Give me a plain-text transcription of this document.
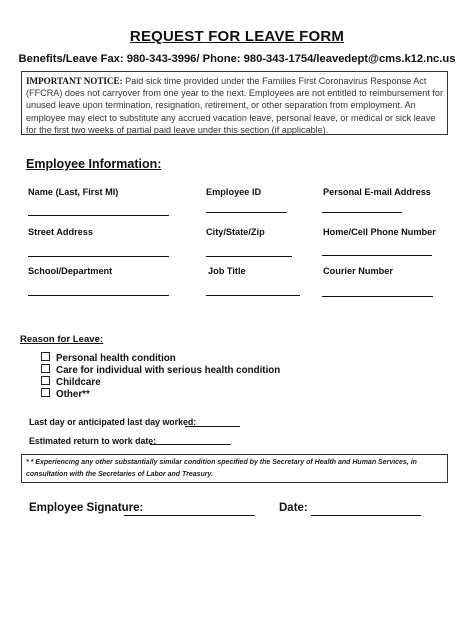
REQUEST FOR LEAVE FORM
Benefits/Leave Fax: 980-343-3996/ Phone: 980-343-1754/leavedept@cms.k12.nc.us
IMPORTANT NOTICE: Paid sick time provided under the Families First Coronavirus Response Act (FFCRA) does not carryover from one year to the next. Employees are not entitled to reimbursement for unused leave upon termination, resignation, retirement, or other separation from employment. An employee may elect to substitute any accrued vacation leave, personal leave, or medical or sick leave for the first two weeks of partial paid leave under this section (if applicable).
Employee Information:
Name (Last, First MI)	Employee ID	Personal E-mail Address
Street Address	City/State/Zip	Home/Cell Phone Number
School/Department	Job Title	Courier Number
Reason for Leave:
Personal health condition
Care for individual with serious health condition
Childcare
Other**
Last day or anticipated last day worked:
Estimated return to work date:
* * Experiencing any other substantially similar condition specified by the Secretary of Health and Human Services, in consultation with the Secretaries of Labor and Treasury.
Employee Signature:	Date:
